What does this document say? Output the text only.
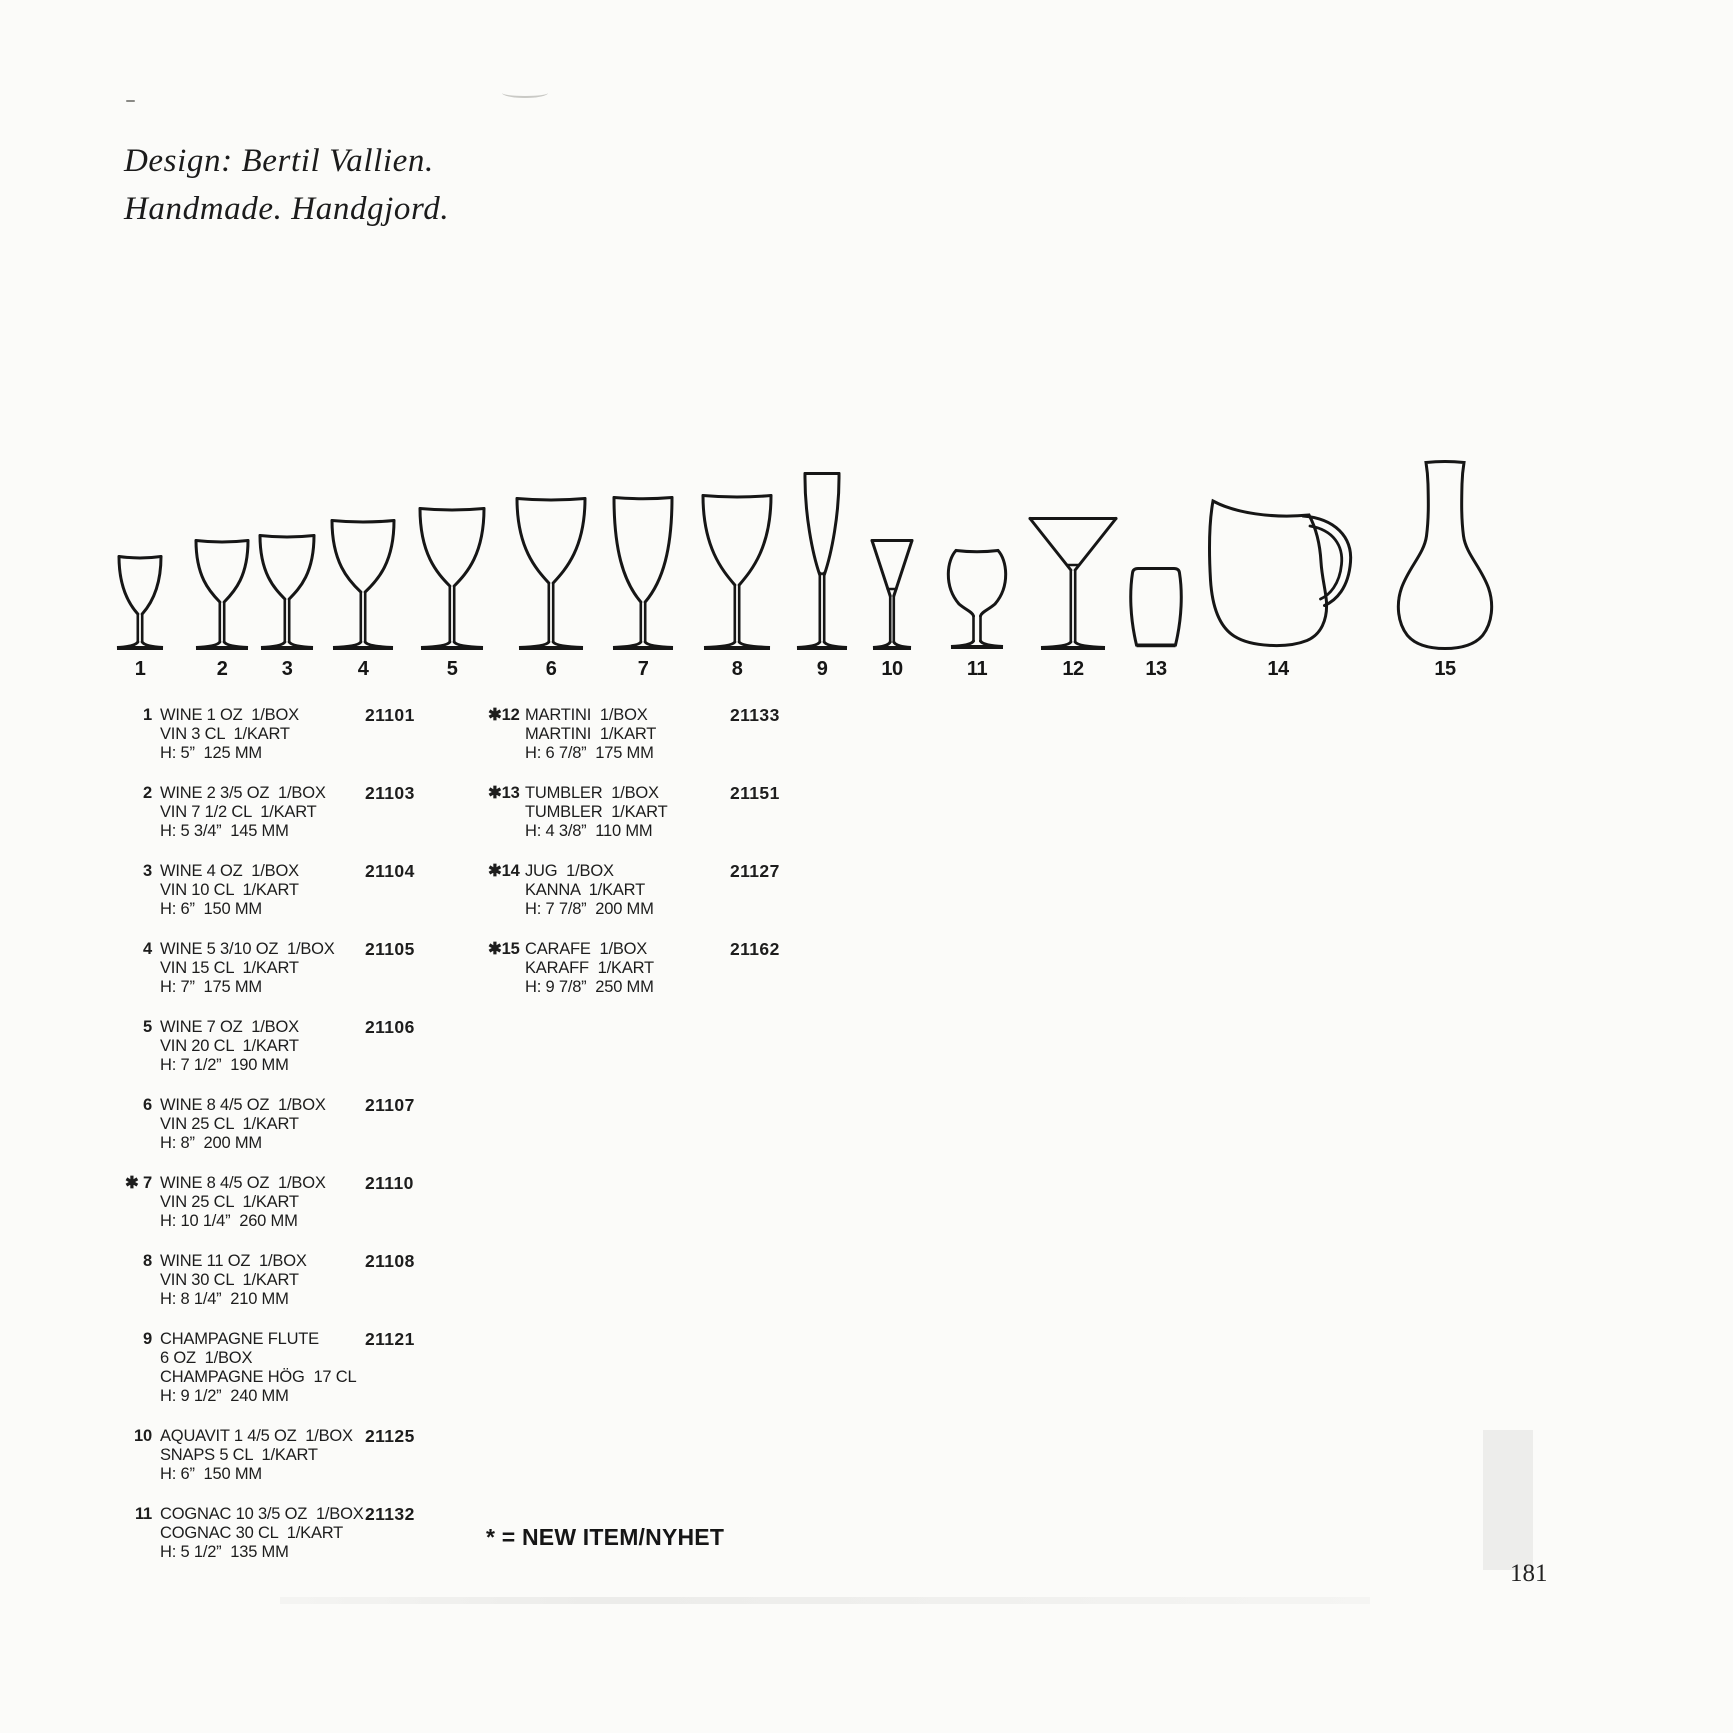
Design: Bertil Vallien.
Handmade. Handgjord.
1	2	3	4	5	6	7	8	9	10	11	12	13	14	15
1	21101
WINE 1 OZ  1/BOX
VIN 3 CL  1/KART
H: 5”  125 MM
2	21103
WINE 2 3/5 OZ  1/BOX
VIN 7 1/2 CL  1/KART
H: 5 3/4”  145 MM
3	21104
WINE 4 OZ  1/BOX
VIN 10 CL  1/KART
H: 6”  150 MM
4	21105
WINE 5 3/10 OZ  1/BOX
VIN 15 CL  1/KART
H: 7”  175 MM
5	21106
WINE 7 OZ  1/BOX
VIN 20 CL  1/KART
H: 7 1/2”  190 MM
6	21107
WINE 8 4/5 OZ  1/BOX
VIN 25 CL  1/KART
H: 8”  200 MM
✱ 7	21110
WINE 8 4/5 OZ  1/BOX
VIN 25 CL  1/KART
H: 10 1/4”  260 MM
8	21108
WINE 11 OZ  1/BOX
VIN 30 CL  1/KART
H: 8 1/4”  210 MM
9	21121
CHAMPAGNE FLUTE
6 OZ  1/BOX
CHAMPAGNE HÖG  17 CL
H: 9 1/2”  240 MM
10	21125
AQUAVIT 1 4/5 OZ  1/BOX
SNAPS 5 CL  1/KART
H: 6”  150 MM
11	21132
COGNAC 10 3/5 OZ  1/BOX
COGNAC 30 CL  1/KART
H: 5 1/2”  135 MM
✱12	21133
MARTINI  1/BOX
MARTINI  1/KART
H: 6 7/8”  175 MM
✱13	21151
TUMBLER  1/BOX
TUMBLER  1/KART
H: 4 3/8”  110 MM
✱14	21127
JUG  1/BOX
KANNA  1/KART
H: 7 7/8”  200 MM
✱15	21162
CARAFE  1/BOX
KARAFF  1/KART
H: 9 7/8”  250 MM
* = NEW ITEM/NYHET
181
